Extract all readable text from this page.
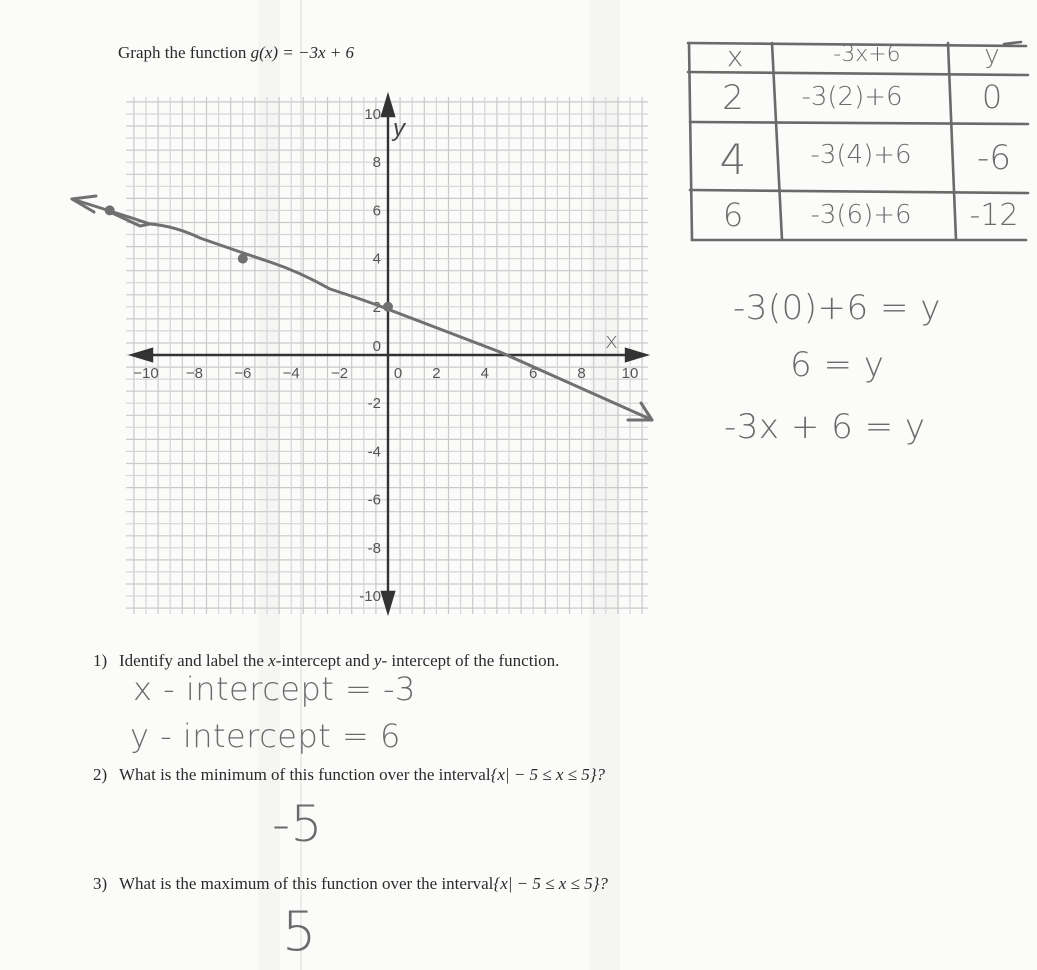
Graph the function g(x) = −3x + 6
−10 −8 −6 −4 −2	0 2	4	6	8 10
10
8
6
4
2
0
-2
-4
-6
-8
-10
y
x
x	-3x+6	y
2	-3(2)+6	0
4	-3(4)+6	-6
6	-3(6)+6	-12
-3(0)+6 = y
6 = y
-3x + 6 = y
1) Identify and label the x-intercept and y- intercept of the function.
x - intercept = -3
y - intercept = 6
2) What is the minimum of this function over the interval{x| − 5 ≤ x ≤ 5}?
-5
3) What is the maximum of this function over the interval{x| − 5 ≤ x ≤ 5}?
5
